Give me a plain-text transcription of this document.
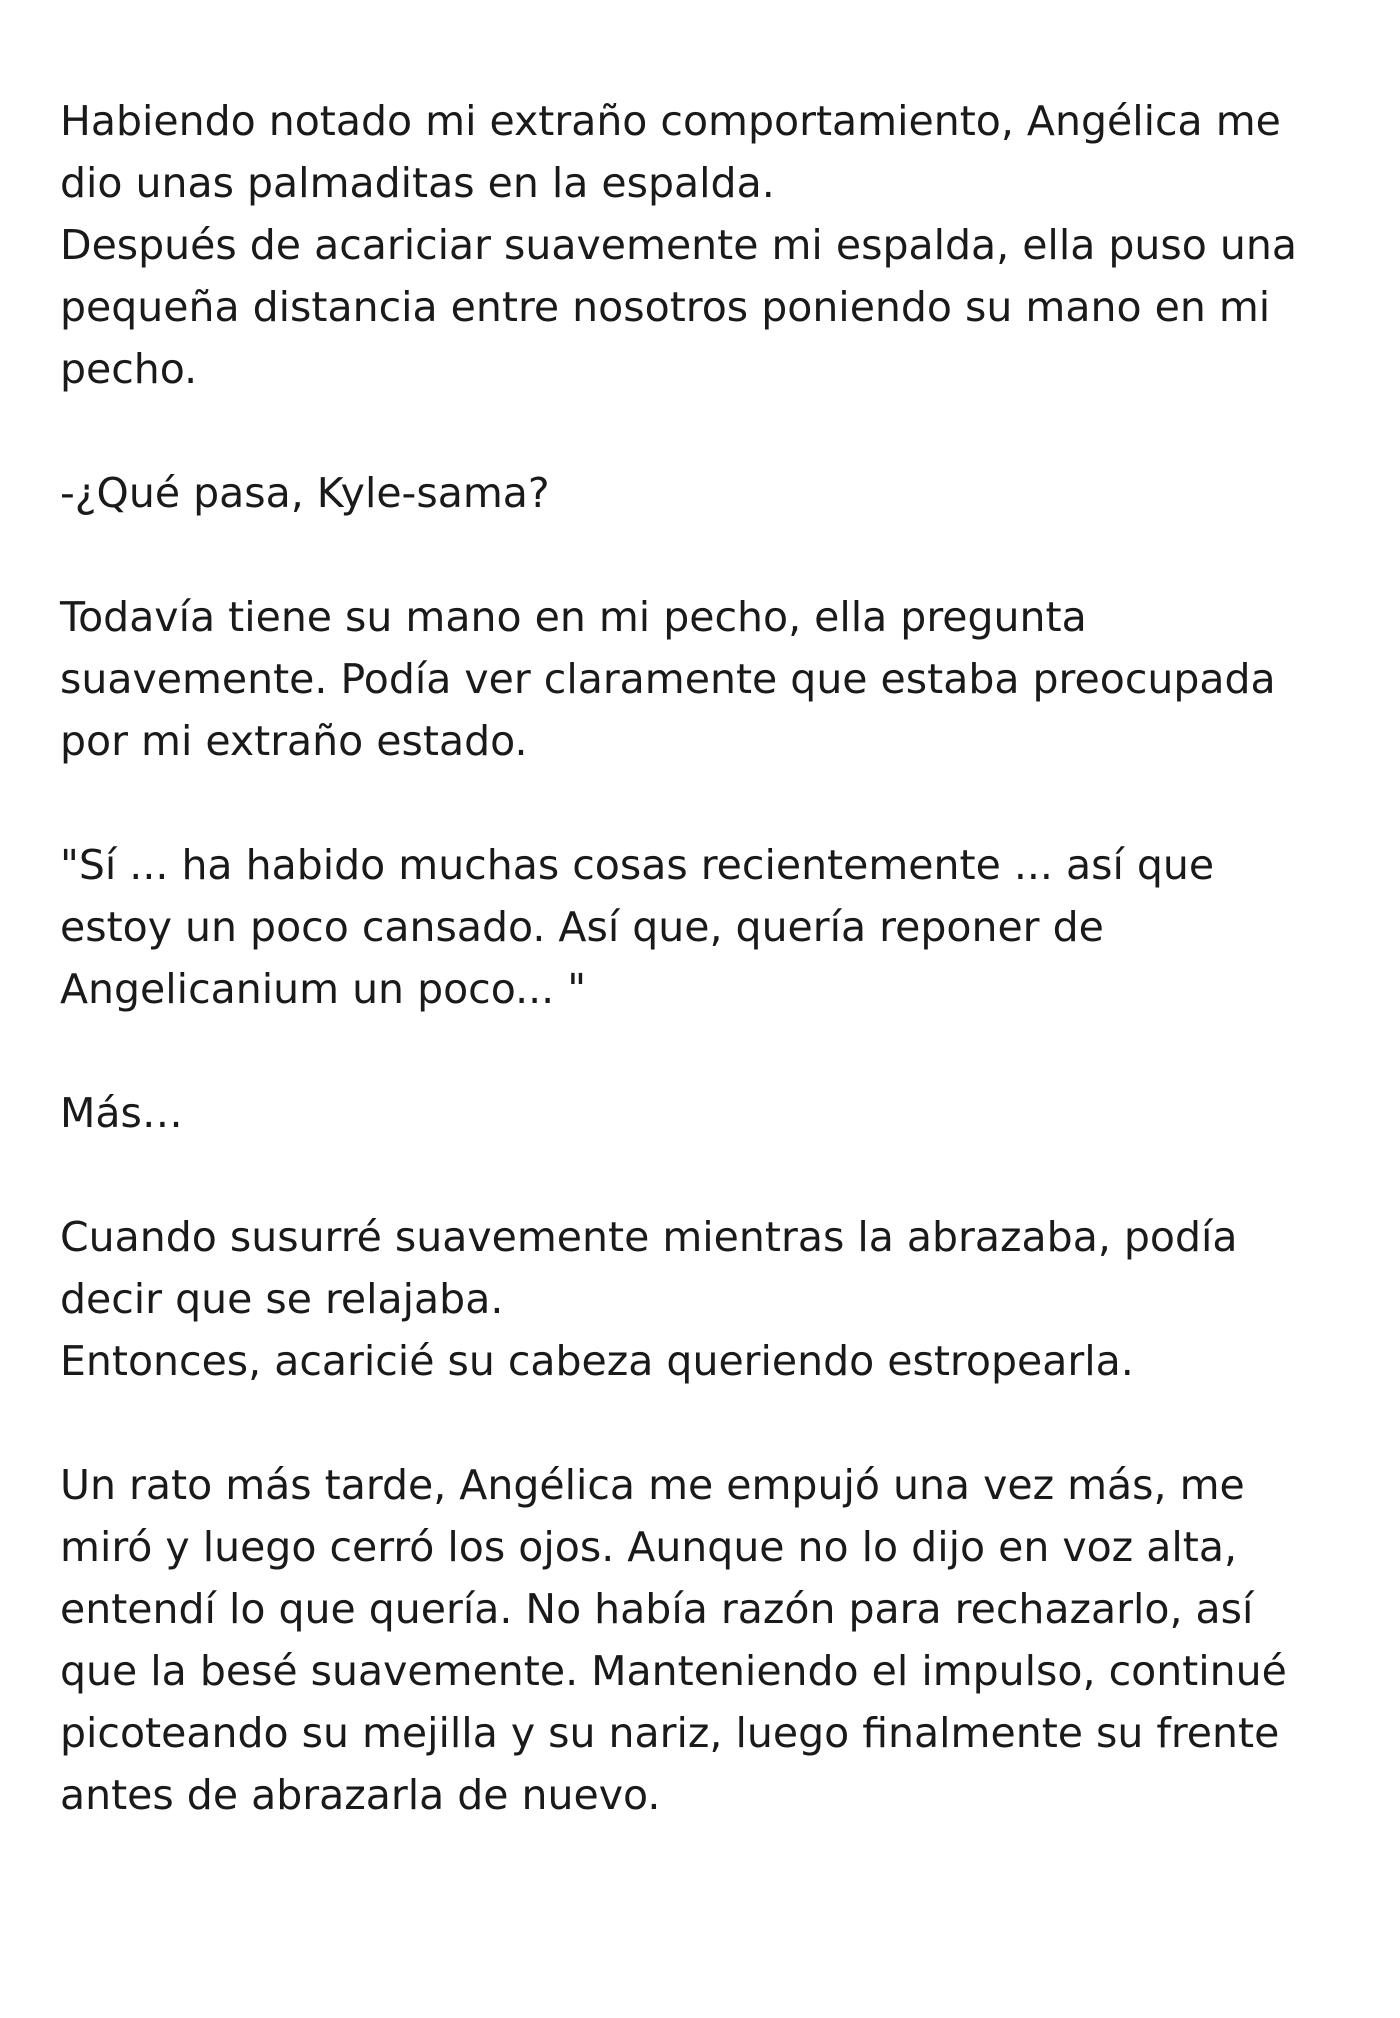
Habiendo notado mi extraño comportamiento, Angélica me
dio unas palmaditas en la espalda.
Después de acariciar suavemente mi espalda, ella puso una
pequeña distancia entre nosotros poniendo su mano en mi
pecho.
-¿Qué pasa, Kyle-sama?
Todavía tiene su mano en mi pecho, ella pregunta
suavemente. Podía ver claramente que estaba preocupada
por mi extraño estado.
"Sí ... ha habido muchas cosas recientemente ... así que
estoy un poco cansado. Así que, quería reponer de
Angelicanium un poco... "
Más…
Cuando susurré suavemente mientras la abrazaba, podía
decir que se relajaba.
Entonces, acaricié su cabeza queriendo estropearla.
Un rato más tarde, Angélica me empujó una vez más, me
miró y luego cerró los ojos. Aunque no lo dijo en voz alta,
entendí lo que quería. No había razón para rechazarlo, así
que la besé suavemente. Manteniendo el impulso, continué
picoteando su mejilla y su nariz, luego finalmente su frente
antes de abrazarla de nuevo.
